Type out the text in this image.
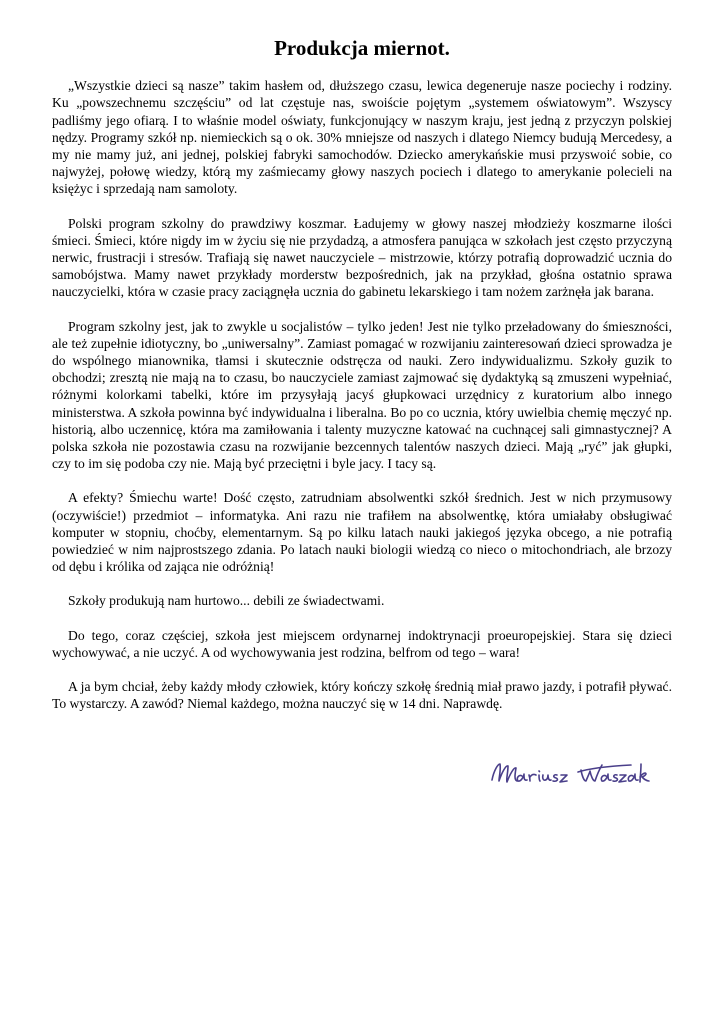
Produkcja miernot.

„Wszystkie dzieci są nasze” takim hasłem od, dłuższego czasu, lewica degeneruje nasze pociechy i rodziny. Ku „powszechnemu szczęściu” od lat częstuje nas, swoiście pojętym „systemem oświatowym”. Wszyscy padliśmy jego ofiarą. I to właśnie model oświaty, funkcjonujący w naszym kraju, jest jedną z przyczyn polskiej nędzy. Programy szkół np. niemieckich są o ok. 30% mniejsze od naszych i dlatego Niemcy budują Mercedesy, a my nie mamy już, ani jednej, polskiej fabryki samochodów. Dziecko amerykańskie musi przyswoić sobie, co najwyżej, połowę wiedzy, którą my zaśmiecamy głowy naszych pociech i dlatego to amerykanie polecieli na księżyc i sprzedają nam samoloty.

Polski program szkolny do prawdziwy koszmar. Ładujemy w głowy naszej młodzieży koszmarne ilości śmieci. Śmieci, które nigdy im w życiu się nie przydadzą, a atmosfera panująca w szkołach jest często przyczyną nerwic, frustracji i stresów. Trafiają się nawet nauczyciele – mistrzowie, którzy potrafią doprowadzić ucznia do samobójstwa. Mamy nawet przykłady morderstw bezpośrednich, jak na przykład, głośna ostatnio sprawa nauczycielki, która w czasie pracy zaciągnęła ucznia do gabinetu lekarskiego i tam nożem zarżnęła jak barana.

Program szkolny jest, jak to zwykle u socjalistów – tylko jeden! Jest nie tylko przeładowany do śmieszności, ale też zupełnie idiotyczny, bo „uniwersalny”. Zamiast pomagać w rozwijaniu zainteresowań dzieci sprowadza je do wspólnego mianownika, tłamsi i skutecznie odstręcza od nauki. Zero indywidualizmu. Szkoły guzik to obchodzi; zresztą nie mają na to czasu, bo nauczyciele zamiast zajmować się dydaktyką są zmuszeni wypełniać, różnymi kolorkami tabelki, które im przysyłają jacyś głupkowaci urzędnicy z kuratorium albo innego ministerstwa. A szkoła powinna być indywidualna i liberalna. Bo po co ucznia, który uwielbia chemię męczyć np. historią, albo uczennicę, która ma zamiłowania i talenty muzyczne katować na cuchnącej sali gimnastycznej? A polska szkoła nie pozostawia czasu na rozwijanie bezcennych talentów naszych dzieci. Mają „ryć” jak głupki, czy to im się podoba czy nie. Mają być przeciętni i byle jacy. I tacy są.

A efekty? Śmiechu warte! Dość często, zatrudniam absolwentki szkół średnich. Jest w nich przymusowy (oczywiście!) przedmiot – informatyka. Ani razu nie trafiłem na absolwentkę, która umiałaby obsługiwać komputer w stopniu, choćby, elementarnym. Są po kilku latach nauki jakiegoś języka obcego, a nie potrafią powiedzieć w nim najprostszego zdania. Po latach nauki biologii wiedzą co nieco o mitochondriach, ale brzozy od dębu i królika od zająca nie odróżnią!

Szkoły produkują nam hurtowo... debili ze świadectwami.

Do tego, coraz częściej, szkoła jest miejscem ordynarnej indoktrynacji proeuropejskiej. Stara się dzieci wychowywać, a nie uczyć. A od wychowywania jest rodzina, belfrom od tego – wara!

A ja bym chciał, żeby każdy młody człowiek, który kończy szkołę średnią miał prawo jazdy, i potrafił pływać. To wystarczy. A zawód? Niemal każdego, można nauczyć się w 14 dni. Naprawdę.
